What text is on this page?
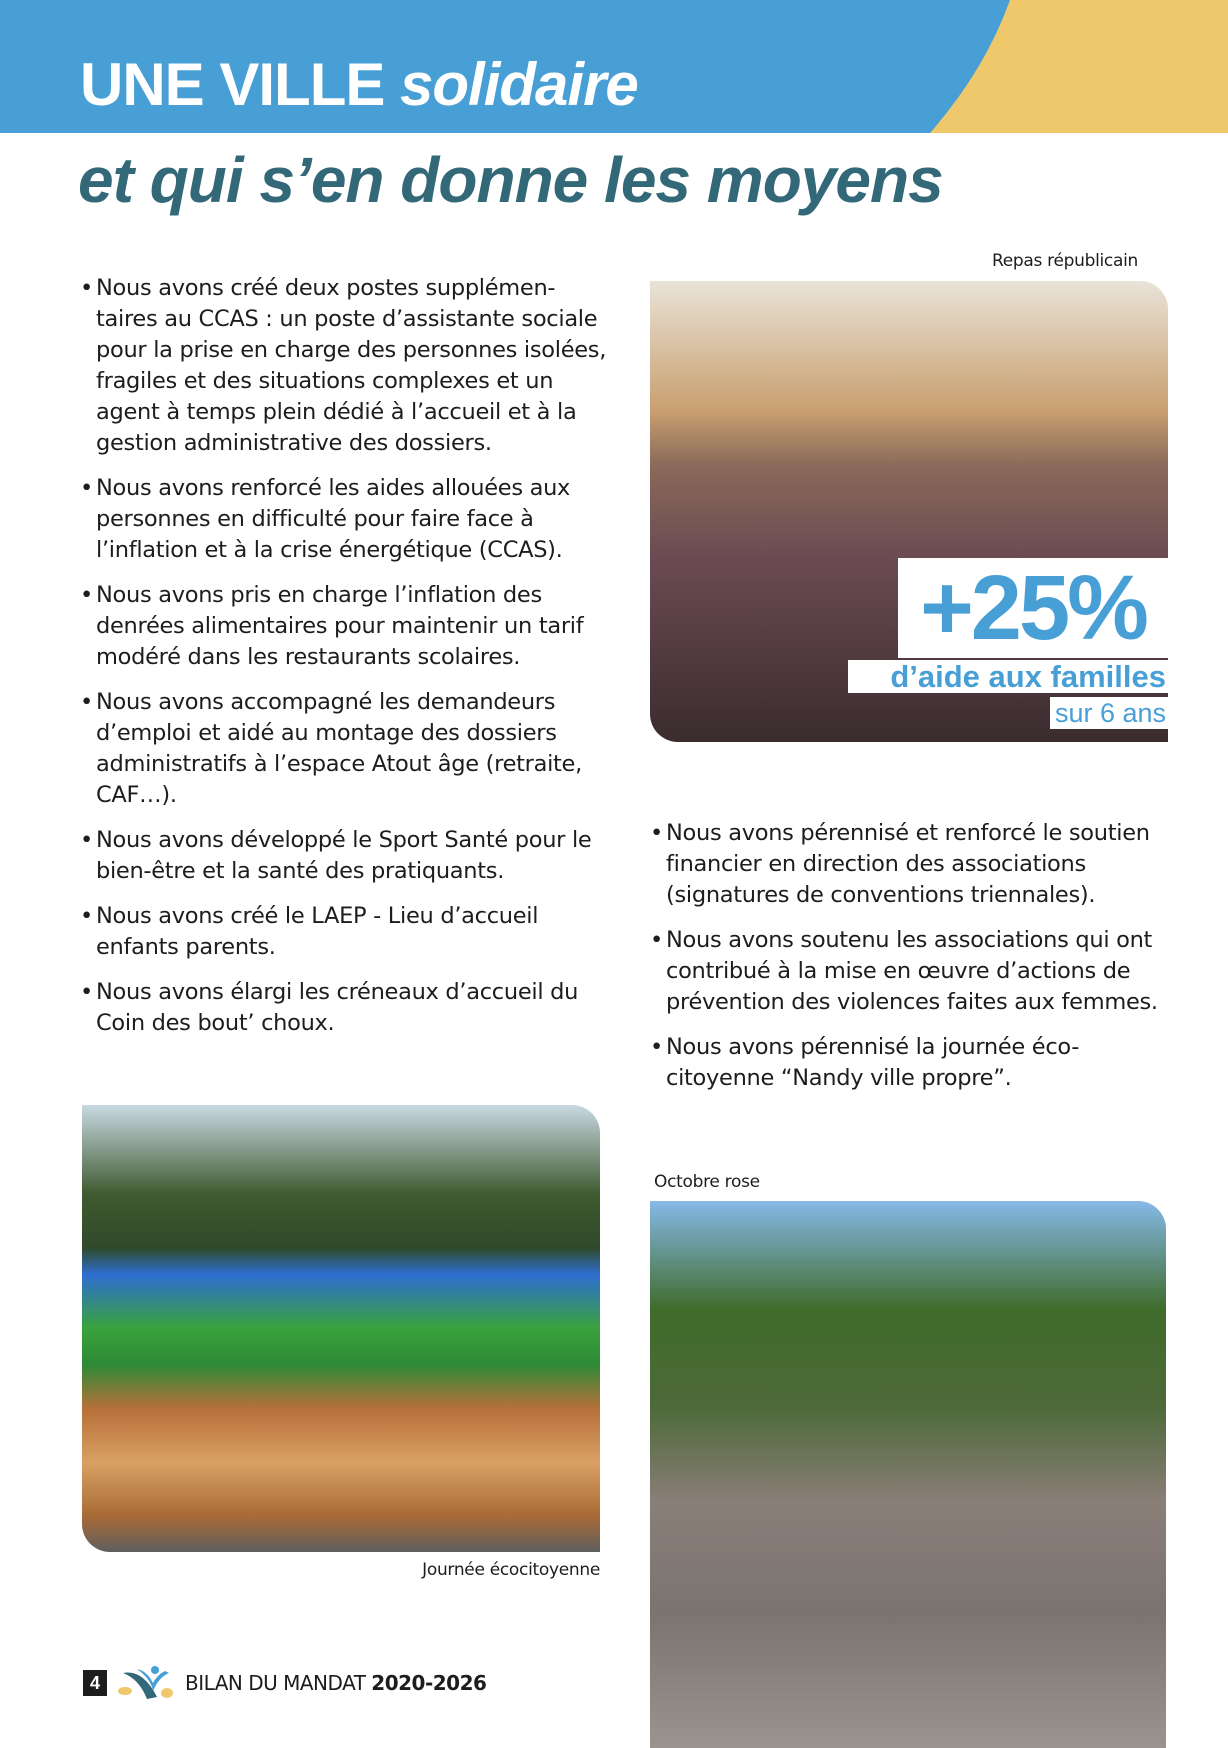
UNE VILLE solidaire
et qui s’en donne les moyens
• Nous avons créé deux postes supplémen-taires au CCAS : un poste d’assistante sociale pour la prise en charge des personnes isolées, fragiles et des situations complexes et un agent à temps plein dédié à l’accueil et à la gestion administrative des dossiers.
• Nous avons renforcé les aides allouées aux personnes en difficulté pour faire face à l’inflation et à la crise énergétique (CCAS).
• Nous avons pris en charge l’inflation des denrées alimentaires pour maintenir un tarif modéré dans les restaurants scolaires.
• Nous avons accompagné les demandeurs d’emploi et aidé au montage des dossiers administratifs à l’espace Atout âge (retraite, CAF…).
• Nous avons développé le Sport Santé pour le bien-être et la santé des pratiquants.
• Nous avons créé le LAEP - Lieu d’accueil enfants parents.
• Nous avons élargi les créneaux d’accueil du Coin des bout’ choux.
Repas républicain
+25%
d’aide aux familles
sur 6 ans
• Nous avons pérennisé et renforcé le soutien financier en direction des associations (signatures de conventions triennales).
• Nous avons soutenu les associations qui ont contribué à la mise en œuvre d’actions de prévention des violences faites aux femmes.
• Nous avons pérennisé la journée éco-citoyenne “Nandy ville propre”.
Journée écocitoyenne
Octobre rose
4	BILAN DU MANDAT 2020-2026
